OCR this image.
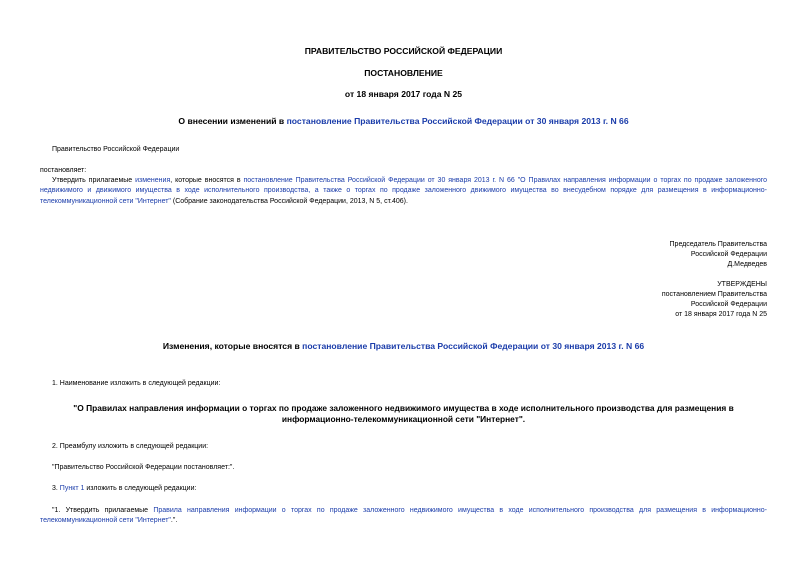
ПРАВИТЕЛЬСТВО РОССИЙСКОЙ ФЕДЕРАЦИИ
ПОСТАНОВЛЕНИЕ
от 18 января 2017 года N 25
О внесении изменений в постановление Правительства Российской Федерации от 30 января 2013 г. N 66
Правительство Российской Федерации
постановляет:
Утвердить прилагаемые изменения, которые вносятся в постановление Правительства Российской Федерации от 30 января 2013 г. N 66 "О Правилах направления информации о торгах по продаже заложенного недвижимого и движимого имущества в ходе исполнительного производства, а также о торгах по продаже заложенного движимого имущества во внесудебном порядке для размещения в информационно-телекоммуникационной сети "Интернет" (Собрание законодательства Российской Федерации, 2013, N 5, ст.406).
Председатель Правительства
Российской Федерации
Д.Медведев
УТВЕРЖДЕНЫ
постановлением Правительства
Российской Федерации
от 18 января 2017 года N 25
Изменения, которые вносятся в постановление Правительства Российской Федерации от 30 января 2013 г. N 66
1. Наименование изложить в следующей редакции:
"О Правилах направления информации о торгах по продаже заложенного недвижимого имущества в ходе исполнительного производства для размещения в информационно-телекоммуникационной сети "Интернет".
2. Преамбулу изложить в следующей редакции:
"Правительство Российской Федерации постановляет:".
3. Пункт 1 изложить в следующей редакции:
"1. Утвердить прилагаемые Правила направления информации о торгах по продаже заложенного недвижимого имущества в ходе исполнительного производства для размещения в информационно-телекоммуникационной сети "Интернет".".
